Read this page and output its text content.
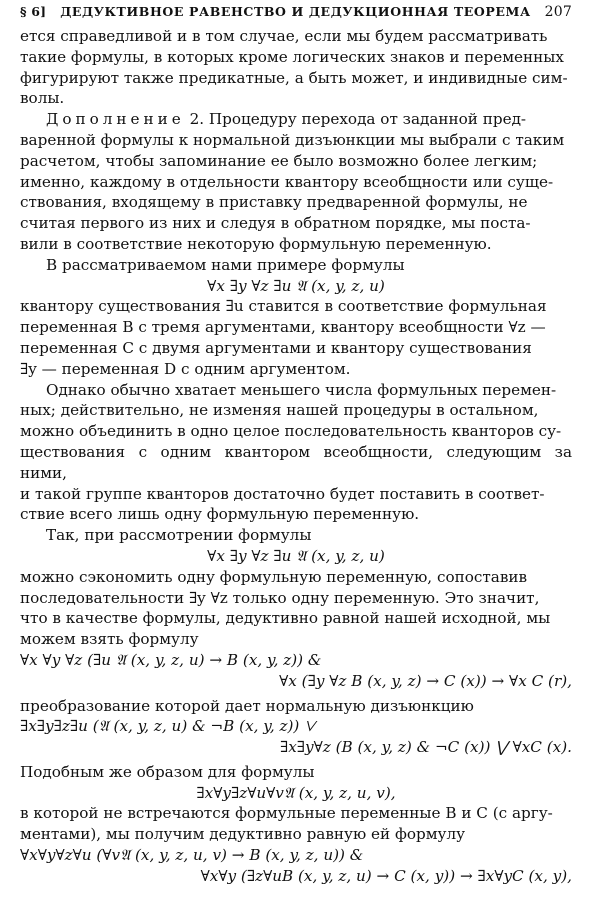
§ 6]	ДЕДУКТИВНОЕ РАВЕНСТВО И ДЕДУКЦИОННАЯ ТЕОРЕМА 207

ется справедливой и в том случае, если мы будем рассматривать

такие формулы, в которых кроме логических знаков и переменных

фигурируют также предикатные, а быть может, и индивидные сим-

волы.

Дополнение 2. Процедуру перехода от заданной пред-

варенной формулы к нормальной дизъюнкции мы выбрали с таким

расчетом, чтобы запоминание ее было возможно более легким;

именно, каждому в отдельности квантору всеобщности или суще-

ствования, входящему в приставку предваренной формулы, не

считая первого из них и следуя в обратном порядке, мы поста-

вили в соответствие некоторую формульную переменную.

В рассматриваемом нами примере формулы

∀x ∃y ∀z ∃u 𝔄 (x, y, z, u)

квантору существования ∃u ставится в соответствие формульная

переменная B с тремя аргументами, квантору всеобщности ∀z —

переменная C с двумя аргументами и квантору существования

∃y — переменная D с одним аргументом.

Однако обычно хватает меньшего числа формульных перемен-

ных; действительно, не изменяя нашей процедуры в остальном,

можно объединить в одно целое последовательность кванторов су-

ществования с одним квантором всеобщности, следующим за ними,

и такой группе кванторов достаточно будет поставить в соответ-

ствие всего лишь одну формульную переменную.

Так, при рассмотрении формулы

∀x ∃y ∀z ∃u 𝔄 (x, y, z, u)

можно сэкономить одну формульную переменную, сопоставив

последовательности ∃y ∀z только одну переменную. Это значит,

что в качестве формулы, дедуктивно равной нашей исходной, мы

можем взять формулу

∀x ∀y ∀z (∃u 𝔄 (x, y, z, u) → B (x, y, z)) &

∀x (∃y ∀z B (x, y, z) → C (x)) → ∀x C (r),

преобразование которой дает нормальную дизъюнкцию

∃x∃y∃z∃u (𝔄 (x, y, z, u) & ¬B (x, y, z)) ⋁

∃x∃y∀z (B (x, y, z) & ¬C (x)) ⋁ ∀xC (x).

Подобным же образом для формулы

∃x∀y∃z∀u∀v𝔄 (x, y, z, u, v),

в которой не встречаются формульные переменные B и C (с аргу-

ментами), мы получим дедуктивно равную ей формулу

∀x∀y∀z∀u (∀v𝔄 (x, y, z, u, v) → B (x, y, z, u)) &

∀x∀y (∃z∀uB (x, y, z, u) → C (x, y)) → ∃x∀yC (x, y),
